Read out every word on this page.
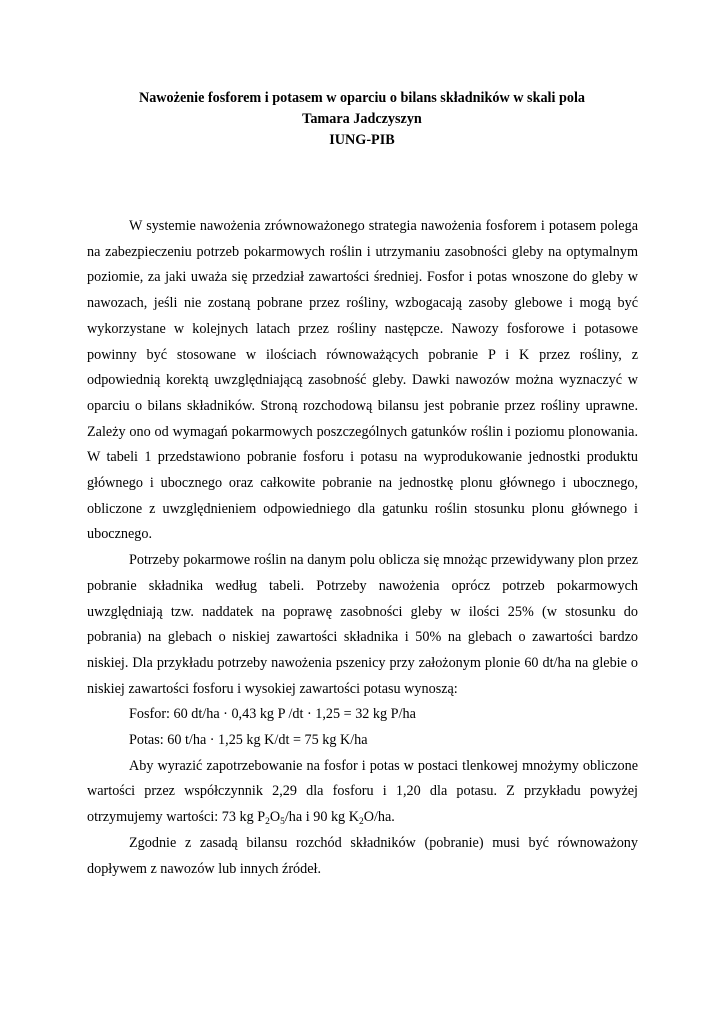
Nawożenie fosforem i potasem w oparciu o bilans składników w skali pola
Tamara Jadczyszyn
IUNG-PIB

W systemie nawożenia zrównoważonego strategia nawożenia fosforem i potasem polega na zabezpieczeniu potrzeb pokarmowych roślin i utrzymaniu zasobności gleby na optymalnym poziomie, za jaki uważa się przedział zawartości średniej. Fosfor i potas wnoszone do gleby w nawozach, jeśli nie zostaną pobrane przez rośliny, wzbogacają zasoby glebowe i mogą być wykorzystane w kolejnych latach przez rośliny następcze. Nawozy fosforowe i potasowe powinny być stosowane w ilościach równoważących pobranie P i K przez rośliny, z odpowiednią korektą uwzględniającą zasobność gleby. Dawki nawozów można wyznaczyć w oparciu o bilans składników. Stroną rozchodową bilansu jest pobranie przez rośliny uprawne. Zależy ono od wymagań pokarmowych poszczególnych gatunków roślin i poziomu plonowania. W tabeli 1 przedstawiono pobranie fosforu i potasu na wyprodukowanie jednostki produktu głównego i ubocznego oraz całkowite pobranie na jednostkę plonu głównego i ubocznego, obliczone z uwzględnieniem odpowiedniego dla gatunku roślin stosunku plonu głównego i ubocznego.

Potrzeby pokarmowe roślin na danym polu oblicza się mnożąc przewidywany plon przez pobranie składnika według tabeli. Potrzeby nawożenia oprócz potrzeb pokarmowych uwzględniają tzw. naddatek na poprawę zasobności gleby w ilości 25% (w stosunku do pobrania) na glebach o niskiej zawartości składnika i 50% na glebach o zawartości bardzo niskiej. Dla przykładu potrzeby nawożenia pszenicy przy założonym plonie 60 dt/ha na glebie o niskiej zawartości fosforu i wysokiej zawartości potasu wynoszą:

Fosfor: 60 dt/ha · 0,43 kg P /dt · 1,25 = 32 kg P/ha

Potas: 60 t/ha · 1,25 kg K/dt = 75 kg K/ha

Aby wyrazić zapotrzebowanie na fosfor i potas w postaci tlenkowej mnożymy obliczone wartości przez współczynnik 2,29 dla fosforu i 1,20 dla potasu. Z przykładu powyżej otrzymujemy wartości: 73 kg $P_2O_5/ha$ i 90 kg $K_2O/ha$.

Zgodnie z zasadą bilansu rozchód składników (pobranie) musi być równoważony dopływem z nawozów lub innych źródeł.
